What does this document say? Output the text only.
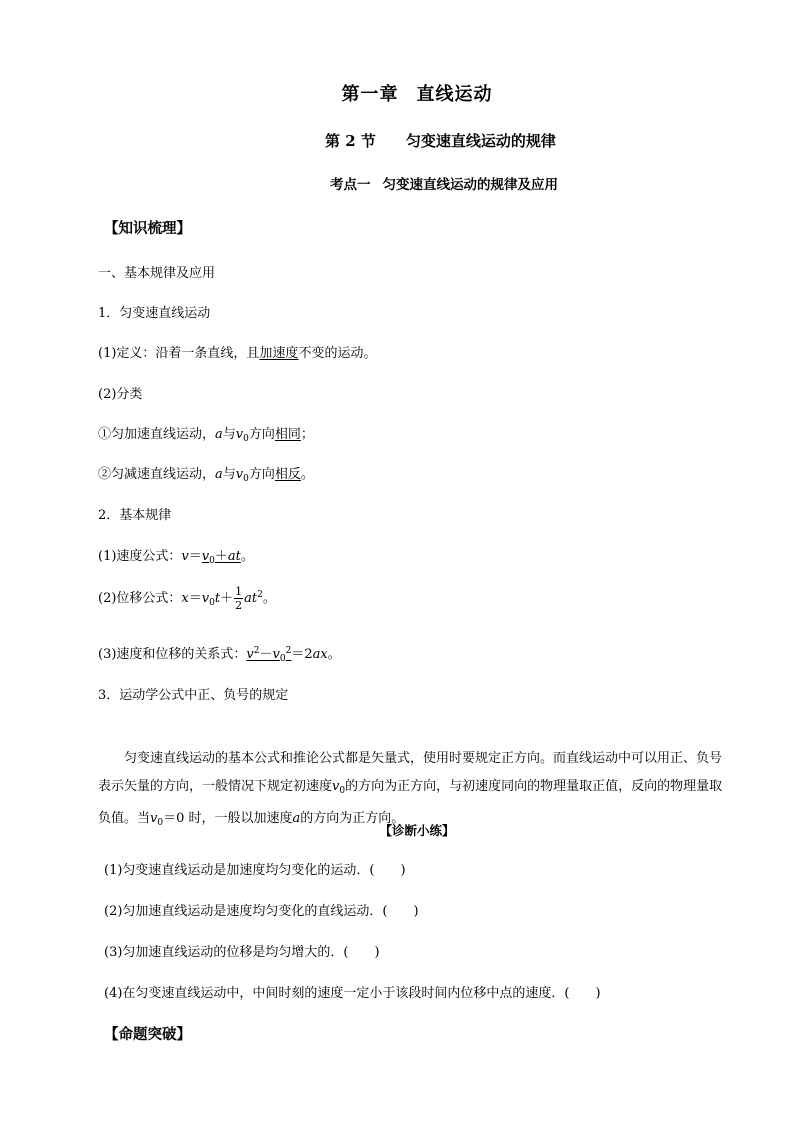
第一章 直线运动
第 2 节 匀变速直线运动的规律
考点一 匀变速直线运动的规律及应用
【知识梳理】
一、基本规律及应用
1．匀变速直线运动
(1)定义：沿着一条直线，且加速度不变的运动。
(2)分类
①匀加速直线运动，a与$v_0$方向相同；
②匀减速直线运动，a与$v_0$方向相反。
2．基本规律
(1)速度公式：$v=v_0+at$。
(2)位移公式：$x=v_0t+ \frac{1}{2} at^2$。
(3)速度和位移的关系式：$v^2-v_0^2=2ax$。
3．运动学公式中正、负号的规定
匀变速直线运动的基本公式和推论公式都是矢量式，使用时要规定正方向。而直线运动中可以用正、负号表示矢量的方向，一般情况下规定初速度$v_0$的方向为正方向，与初速度同向的物理量取正值，反向的物理量取负值。当$v_0=0$ 时，一般以加速度a的方向为正方向。
【诊断小练】
(1)匀变速直线运动是加速度均匀变化的运动．( )
(2)匀加速直线运动是速度均匀变化的直线运动．( )
(3)匀加速直线运动的位移是均匀增大的．( )
(4)在匀变速直线运动中，中间时刻的速度一定小于该段时间内位移中点的速度．( )
【命题突破】
